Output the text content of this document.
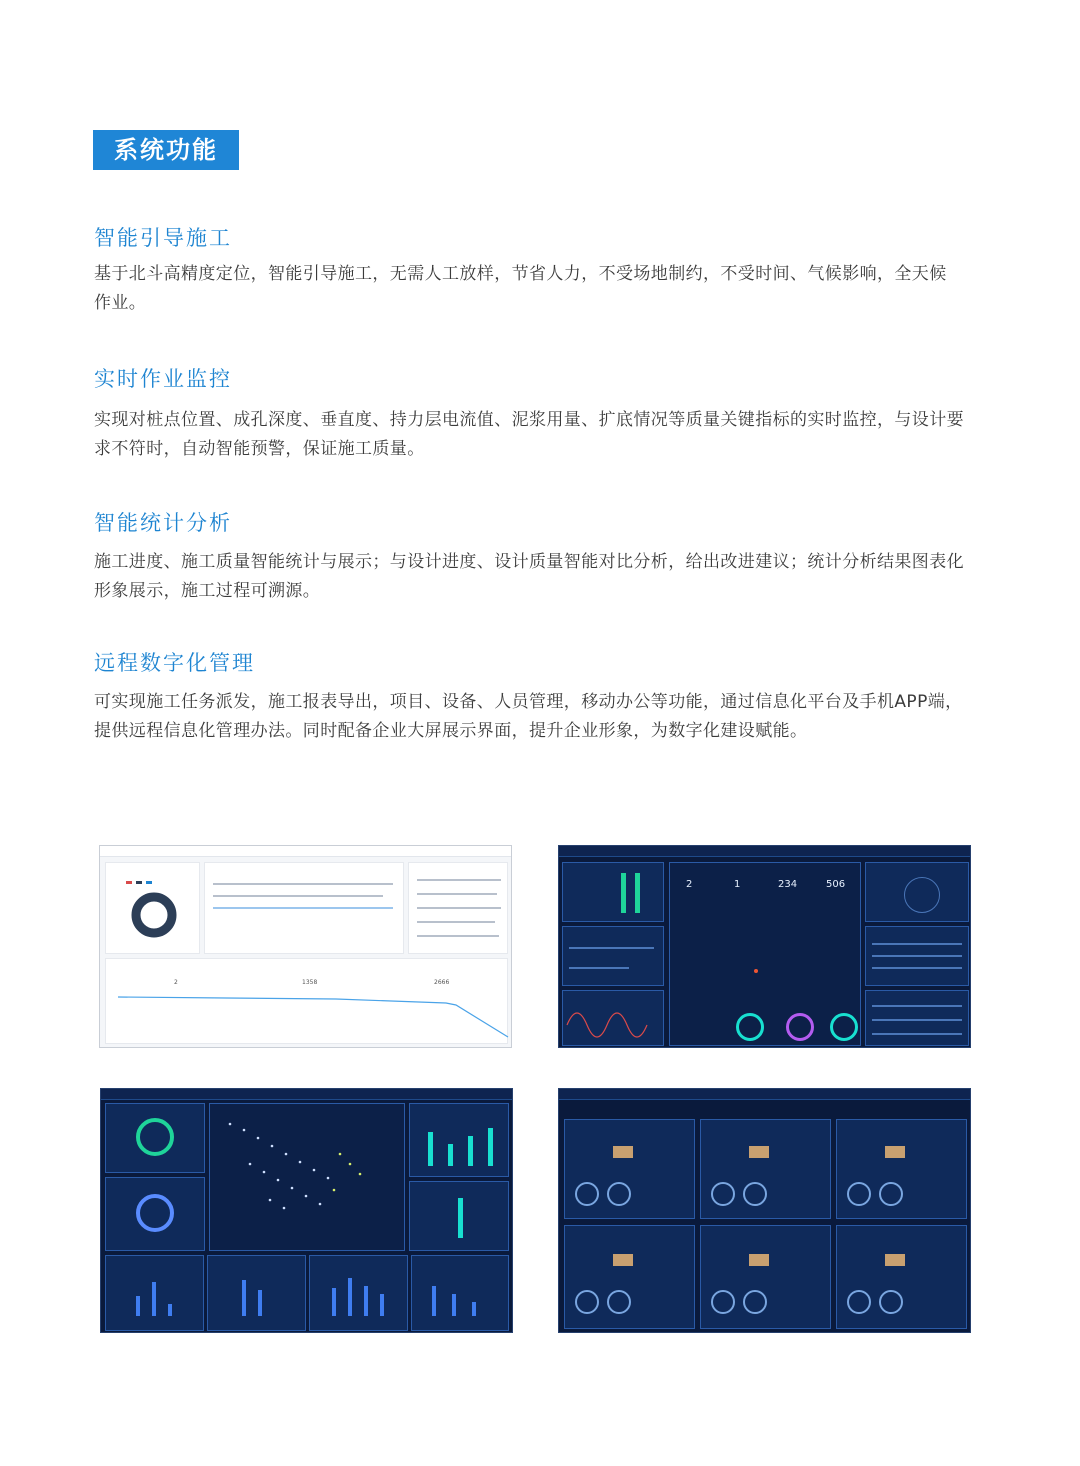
系统功能
智能引导施工
基于北斗高精度定位，智能引导施工，无需人工放样，节省人力，不受场地制约，不受时间、气候影响，全天候
作业。
实时作业监控
实现对桩点位置、成孔深度、垂直度、持力层电流值、泥浆用量、扩底情况等质量关键指标的实时监控，与设计要
求不符时，自动智能预警，保证施工质量。
智能统计分析
施工进度、施工质量智能统计与展示；与设计进度、设计质量智能对比分析，给出改进建议；统计分析结果图表化
形象展示，施工过程可溯源。
远程数字化管理
可实现施工任务派发，施工报表导出，项目、设备、人员管理，移动办公等功能，通过信息化平台及手机APP端，
提供远程信息化管理办法。同时配备企业大屏展示界面，提升企业形象，为数字化建设赋能。
2	1358	2666
2	1	234	506
